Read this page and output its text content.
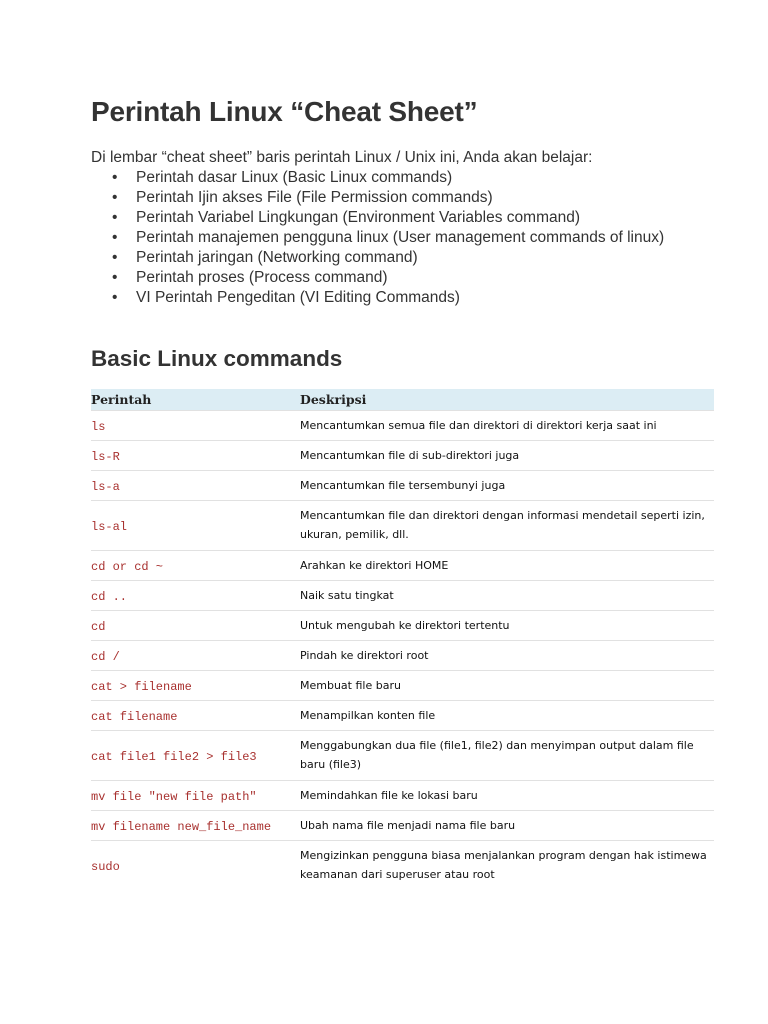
Perintah Linux “Cheat Sheet”

Di lembar “cheat sheet” baris perintah Linux / Unix ini, Anda akan belajar:

•	Perintah dasar Linux (Basic Linux commands)
•	Perintah Ijin akses File (File Permission commands)
•	Perintah Variabel Lingkungan (Environment Variables command)
•	Perintah manajemen pengguna linux (User management commands of linux)
•	Perintah jaringan (Networking command)
•	Perintah proses (Process command)
•	VI Perintah Pengeditan (VI Editing Commands)
Basic Linux commands
Perintah	Deskripsi
ls	Mencantumkan semua file dan direktori di direktori kerja saat ini
ls-R	Mencantumkan file di sub-direktori juga
ls-a	Mencantumkan file tersembunyi juga
ls-al	Mencantumkan file dan direktori dengan informasi mendetail seperti izin, ukuran, pemilik, dll.
cd or cd ~	Arahkan ke direktori HOME
cd ..	Naik satu tingkat
cd	Untuk mengubah ke direktori tertentu
cd /	Pindah ke direktori root
cat > filename	Membuat file baru
cat filename	Menampilkan konten file
cat file1 file2 > file3	Menggabungkan dua file (file1, file2) dan menyimpan output dalam file baru (file3)
mv file "new file path"	Memindahkan file ke lokasi baru
mv filename new_file_name	Ubah nama file menjadi nama file baru
sudo	Mengizinkan pengguna biasa menjalankan program dengan hak istimewa keamanan dari superuser atau root
